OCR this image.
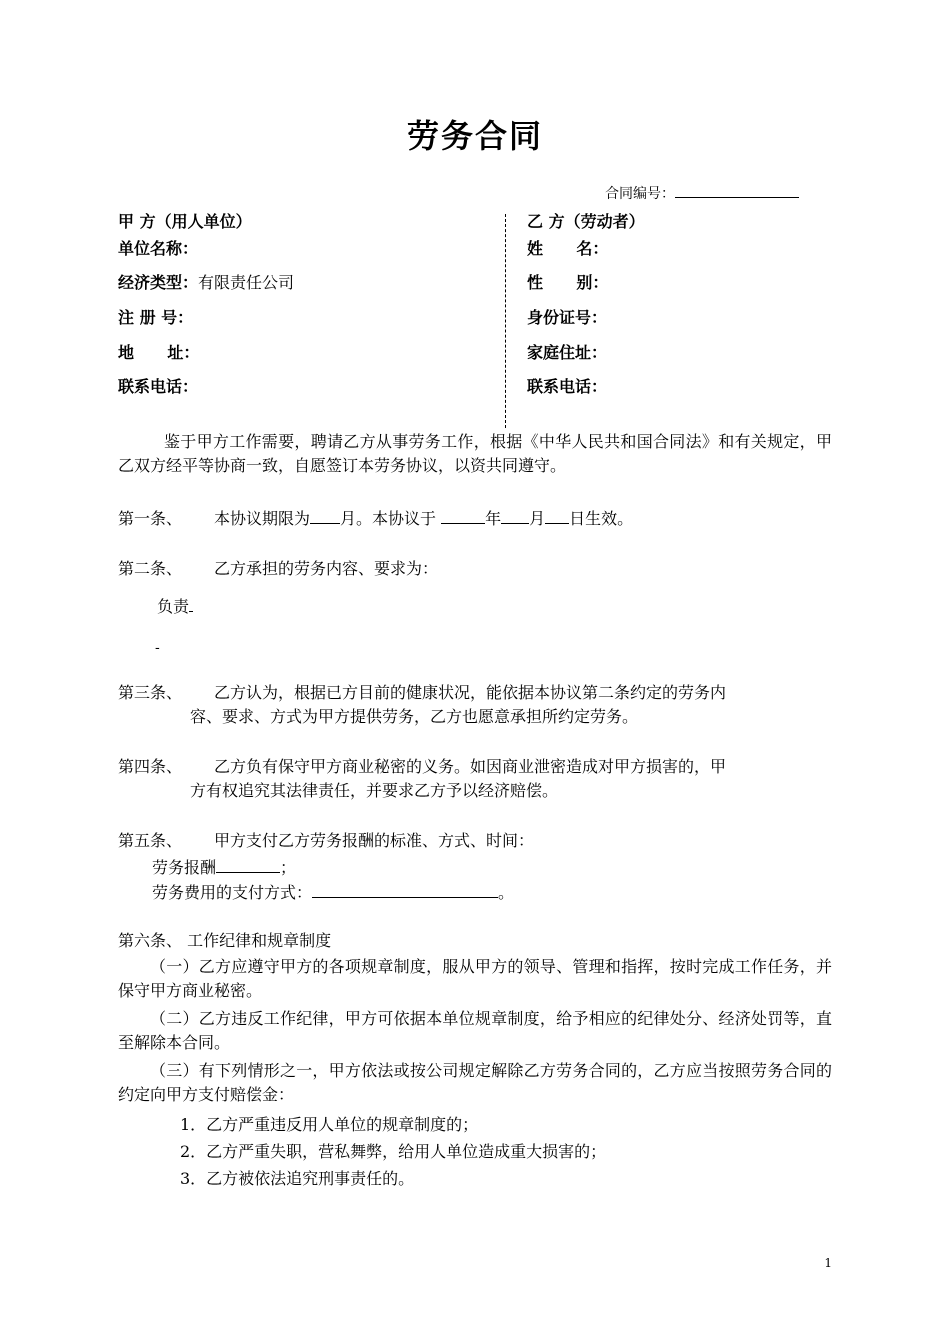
劳务合同
合同编号：
甲 方（用人单位）
单位名称：
经济类型：有限责任公司
注 册 号：
地      址：
联系电话：
乙 方（劳动者）
姓      名：
性      别：
身份证号：
家庭住址：
联系电话：
鉴于甲方工作需要，聘请乙方从事劳务工作，根据《中华人民共和国合同法》和有关规定，甲乙双方经平等协商一致，自愿签订本劳务协议，以资共同遵守。
第一条、 本协议期限为 月。本协议于	年 月 日生效。
第二条、 乙方承担的劳务内容、要求为：
负责
-
第三条、 乙方认为，根据已方目前的健康状况，能依据本协议第二条约定的劳务内
容、要求、方式为甲方提供劳务，乙方也愿意承担所约定劳务。
第四条、 乙方负有保守甲方商业秘密的义务。如因商业泄密造成对甲方损害的，甲
方有权追究其法律责任，并要求乙方予以经济赔偿。
第五条、 甲方支付乙方劳务报酬的标准、方式、时间：
劳务报酬	；
劳务费用的支付方式：	。
第六条、 工作纪律和规章制度
（一）乙方应遵守甲方的各项规章制度，服从甲方的领导、管理和指挥，按时完成工作任务，并保守甲方商业秘密。
（二）乙方违反工作纪律，甲方可依据本单位规章制度，给予相应的纪律处分、经济处罚等，直至解除本合同。
（三）有下列情形之一，甲方依法或按公司规定解除乙方劳务合同的，乙方应当按照劳务合同的约定向甲方支付赔偿金：
1．乙方严重违反用人单位的规章制度的；
2．乙方严重失职，营私舞弊，给用人单位造成重大损害的；
3．乙方被依法追究刑事责任的。
1
